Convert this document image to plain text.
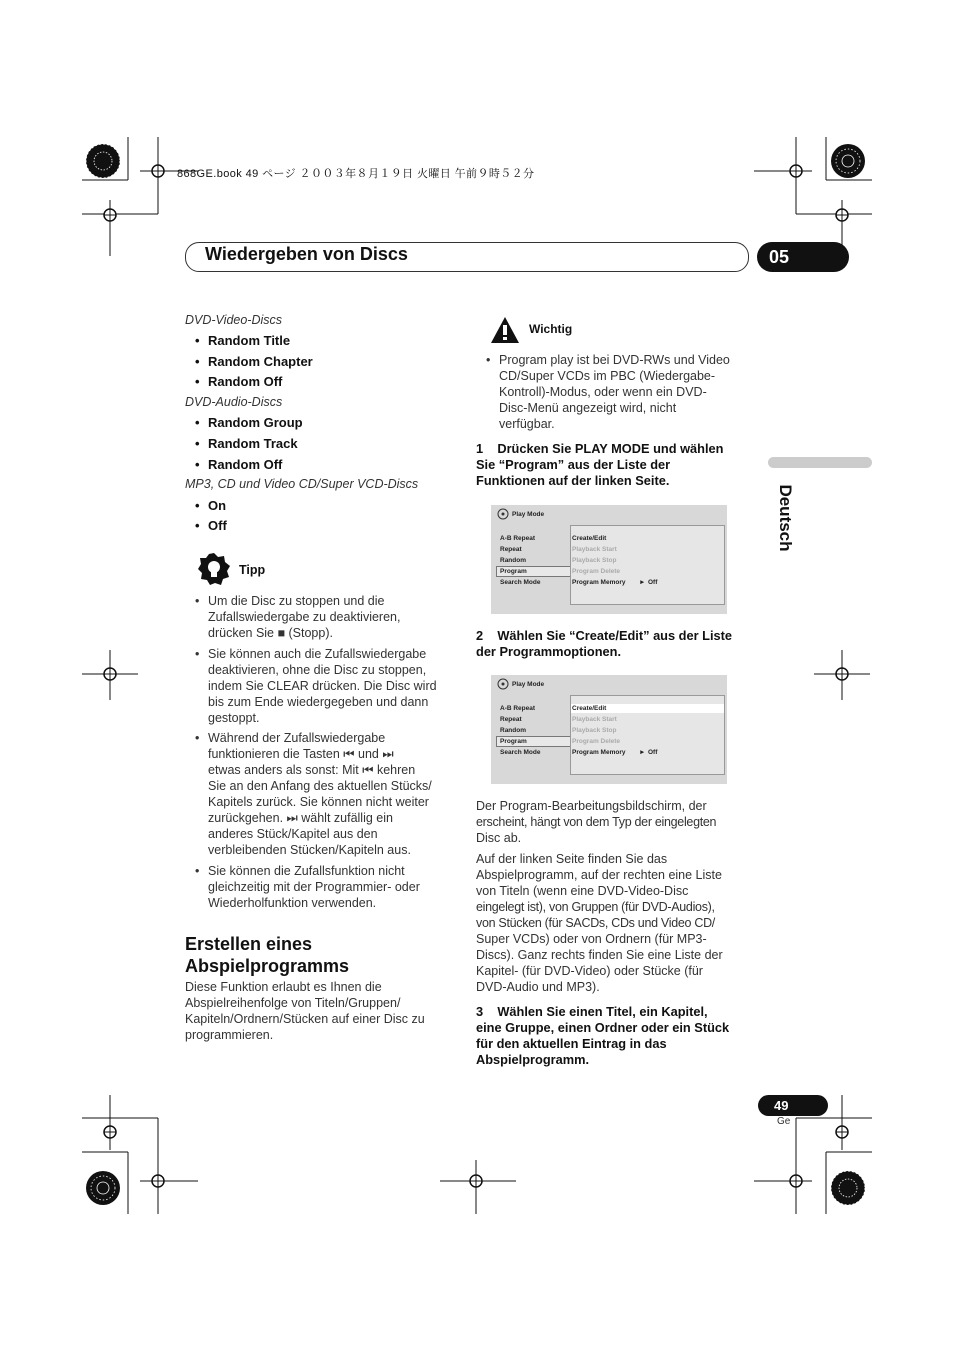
868GE.book 49 ページ ２００３年８月１９日 火曜日 午前９時５２分
Wiedergeben von Discs	05
Deutsch
DVD-Video-Discs
• Random Title
• Random Chapter
• Random Off
DVD-Audio-Discs
• Random Group
• Random Track
• Random Off
MP3, CD und Video CD/Super VCD-Discs
• On
• Off
Tipp
• Um die Disc zu stoppen und die
Zufallswiedergabe zu deaktivieren,
drücken Sie ■ (Stopp).
• Sie können auch die Zufallswiedergabe
deaktivieren, ohne die Disc zu stoppen,
indem Sie CLEAR drücken. Die Disc wird
bis zum Ende wiedergegeben und dann
gestoppt.
• Während der Zufallswiedergabe
funktionieren die Tasten ⏮ und ⏭
etwas anders als sonst: Mit ⏮ kehren
Sie an den Anfang des aktuellen Stücks/
Kapitels zurück. Sie können nicht weiter
zurückgehen. ⏭ wählt zufällig ein
anderes Stück/Kapitel aus den
verbleibenden Stücken/Kapiteln aus.
• Sie können die Zufallsfunktion nicht
gleichzeitig mit der Programmier- oder
Wiederholfunktion verwenden.
Erstellen eines
Abspielprogramms
Diese Funktion erlaubt es Ihnen die
Abspielreihenfolge von Titeln/Gruppen/
Kapiteln/Ordnern/Stücken auf einer Disc zu
programmieren.
Wichtig
• Program play ist bei DVD-RWs und Video
CD/Super VCDs im PBC (Wiedergabe-
Kontroll)-Modus, oder wenn ein DVD-
Disc-Menü angezeigt wird, nicht
verfügbar.
1    Drücken Sie PLAY MODE und wählen
Sie “Program” aus der Liste der
Funktionen auf der linken Seite.
Play Mode
A-B Repeat
Repeat
Random
Program
Search Mode
Create/Edit
Playback Start
Playback Stop
Program Delete
Program Memory ► Off
2    Wählen Sie “Create/Edit” aus der Liste
der Programmoptionen.
Play Mode
A-B Repeat
Repeat
Random
Program
Search Mode
Create/Edit
Playback Start
Playback Stop
Program Delete
Program Memory ► Off
Der Program-Bearbeitungsbildschirm, der
erscheint, hängt von dem Typ der eingelegten
Disc ab.
Auf der linken Seite finden Sie das
Abspielprogramm, auf der rechten eine Liste
von Titeln (wenn eine DVD-Video-Disc
eingelegt ist), von Gruppen (für DVD-Audios),
von Stücken (für SACDs, CDs und Video CD/
Super VCDs) oder von Ordnern (für MP3-
Discs). Ganz rechts finden Sie eine Liste der
Kapitel- (für DVD-Video) oder Stücke (für
DVD-Audio und MP3).
3    Wählen Sie einen Titel, ein Kapitel,
eine Gruppe, einen Ordner oder ein Stück
für den aktuellen Eintrag in das
Abspielprogramm.
49
Ge
